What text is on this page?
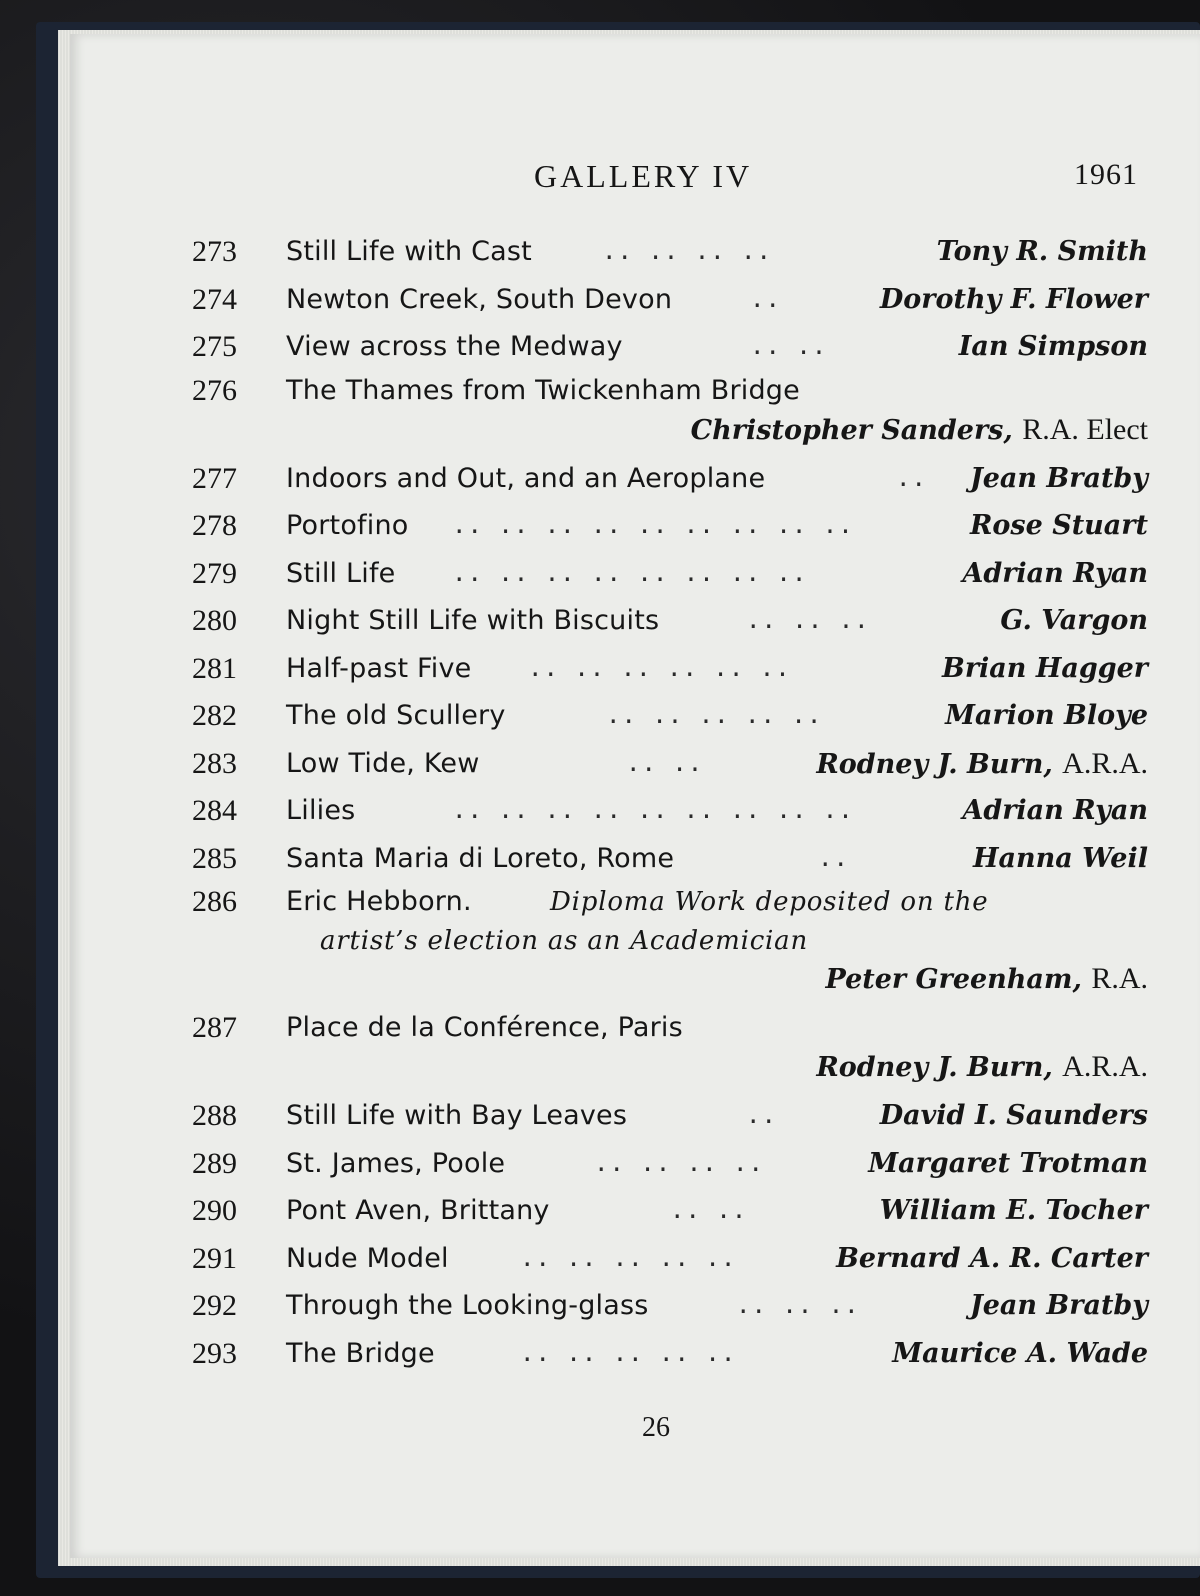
GALLERY IV	1961
273	Still Life with Cast	.. .. .. ..	Tony R. Smith
274	Newton Creek, South Devon	..	Dorothy F. Flower
275	View across the Medway	.. ..	Ian Simpson
276	The Thames from Twickenham Bridge
Christopher Sanders, R.A. Elect
277	Indoors and Out, and an Aeroplane	.. Jean Bratby
278	Portofino .. .. .. .. .. .. .. .. ..	Rose Stuart
279	Still Life .. .. .. .. .. .. .. ..	Adrian Ryan
280	Night Still Life with Biscuits	.. .. ..	G. Vargon
281	Half-past Five .. .. .. .. .. ..	Brian Hagger
282	The old Scullery	.. .. .. .. ..	Marion Bloye
283	Low Tide, Kew	.. ..	Rodney J. Burn, A.R.A.
284	Lilies	.. .. .. .. .. .. .. .. ..	Adrian Ryan
285	Santa Maria di Loreto, Rome	..	Hanna Weil
286	Eric Hebborn.	Diploma Work deposited on the
artist’s election as an Academician
Peter Greenham, R.A.
287	Place de la Conférence, Paris
Rodney J. Burn, A.R.A.
288	Still Life with Bay Leaves	..	David I. Saunders
289	St. James, Poole	.. .. .. ..	Margaret Trotman
290	Pont Aven, Brittany	.. ..	William E. Tocher
291	Nude Model	.. .. .. .. ..	Bernard A. R. Carter
292	Through the Looking-glass	.. .. ..	Jean Bratby
293	The Bridge	.. .. .. .. ..	Maurice A. Wade
26
